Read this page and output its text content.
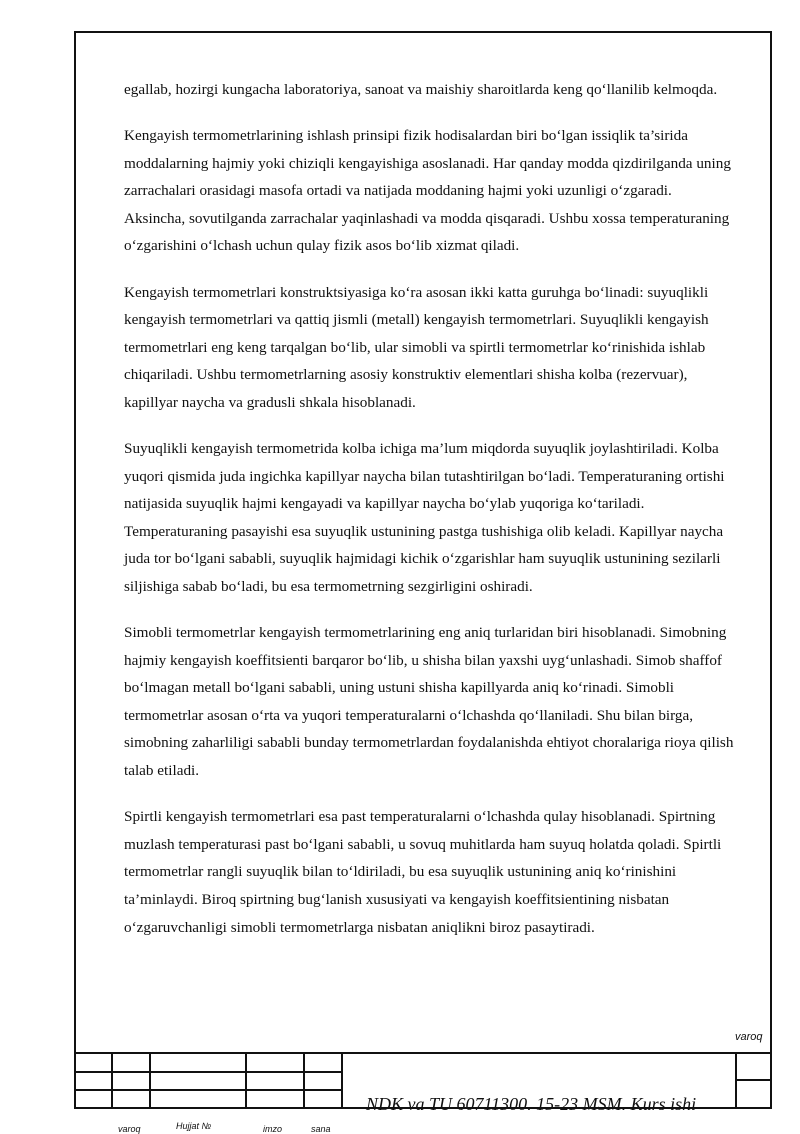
egallab, hozirgi kungacha laboratoriya, sanoat va maishiy sharoitlarda keng qo‘llanilib kelmoqda.

Kengayish termometrlarining ishlash prinsipi fizik hodisalardan biri bo‘lgan issiqlik ta’sirida moddalarning hajmiy yoki chiziqli kengayishiga asoslanadi. Har qanday modda qizdirilganda uning zarrachalari orasidagi masofa ortadi va natijada moddaning hajmi yoki uzunligi o‘zgaradi. Aksincha, sovutilganda zarrachalar yaqinlashadi va modda qisqaradi. Ushbu xossa temperaturaning o‘zgarishini o‘lchash uchun qulay fizik asos bo‘lib xizmat qiladi.

Kengayish termometrlari konstruktsiyasiga ko‘ra asosan ikki katta guruhga bo‘linadi: suyuqlikli kengayish termometrlari va qattiq jismli (metall) kengayish termometrlari. Suyuqlikli kengayish termometrlari eng keng tarqalgan bo‘lib, ular simobli va spirtli termometrlar ko‘rinishida ishlab chiqariladi. Ushbu termometrlarning asosiy konstruktiv elementlari shisha kolba (rezervuar), kapillyar naycha va gradusli shkala hisoblanadi.

Suyuqlikli kengayish termometrida kolba ichiga ma’lum miqdorda suyuqlik joylashtiriladi. Kolba yuqori qismida juda ingichka kapillyar naycha bilan tutashtirilgan bo‘ladi. Temperaturaning ortishi natijasida suyuqlik hajmi kengayadi va kapillyar naycha bo‘ylab yuqoriga ko‘tariladi. Temperaturaning pasayishi esa suyuqlik ustunining pastga tushishiga olib keladi. Kapillyar naycha juda tor bo‘lgani sababli, suyuqlik hajmidagi kichik o‘zgarishlar ham suyuqlik ustunining sezilarli siljishiga sabab bo‘ladi, bu esa termometrning sezgirligini oshiradi.

Simobli termometrlar kengayish termometrlarining eng aniq turlaridan biri hisoblanadi. Simobning hajmiy kengayish koeffitsienti barqaror bo‘lib, u shisha bilan yaxshi uyg‘unlashadi. Simob shaffof bo‘lmagan metall bo‘lgani sababli, uning ustuni shisha kapillyarda aniq ko‘rinadi. Simobli termometrlar asosan o‘rta va yuqori temperaturalarni o‘lchashda qo‘llaniladi. Shu bilan birga, simobning zaharliligi sababli bunday termometrlardan foydalanishda ehtiyot choralariga rioya qilish talab etiladi.

Spirtli kengayish termometrlari esa past temperaturalarni o‘lchashda qulay hisoblanadi. Spirtning muzlash temperaturasi past bo‘lgani sababli, u sovuq muhitlarda ham suyuq holatda qoladi. Spirtli termometrlar rangli suyuqlik bilan to‘ldiriladi, bu esa suyuqlik ustunining aniq ko‘rinishini ta’minlaydi. Biroq spirtning bug‘lanish xususiyati va kengayish koeffitsientining nisbatan o‘zgaruvchanligi simobli termometrlarga nisbatan aniqlikni biroz pasaytiradi.

varoq
NDK va TU 60711300. 15-23 MSM. Kurs ishi
varoq	Hujjat №	imzo	sana
